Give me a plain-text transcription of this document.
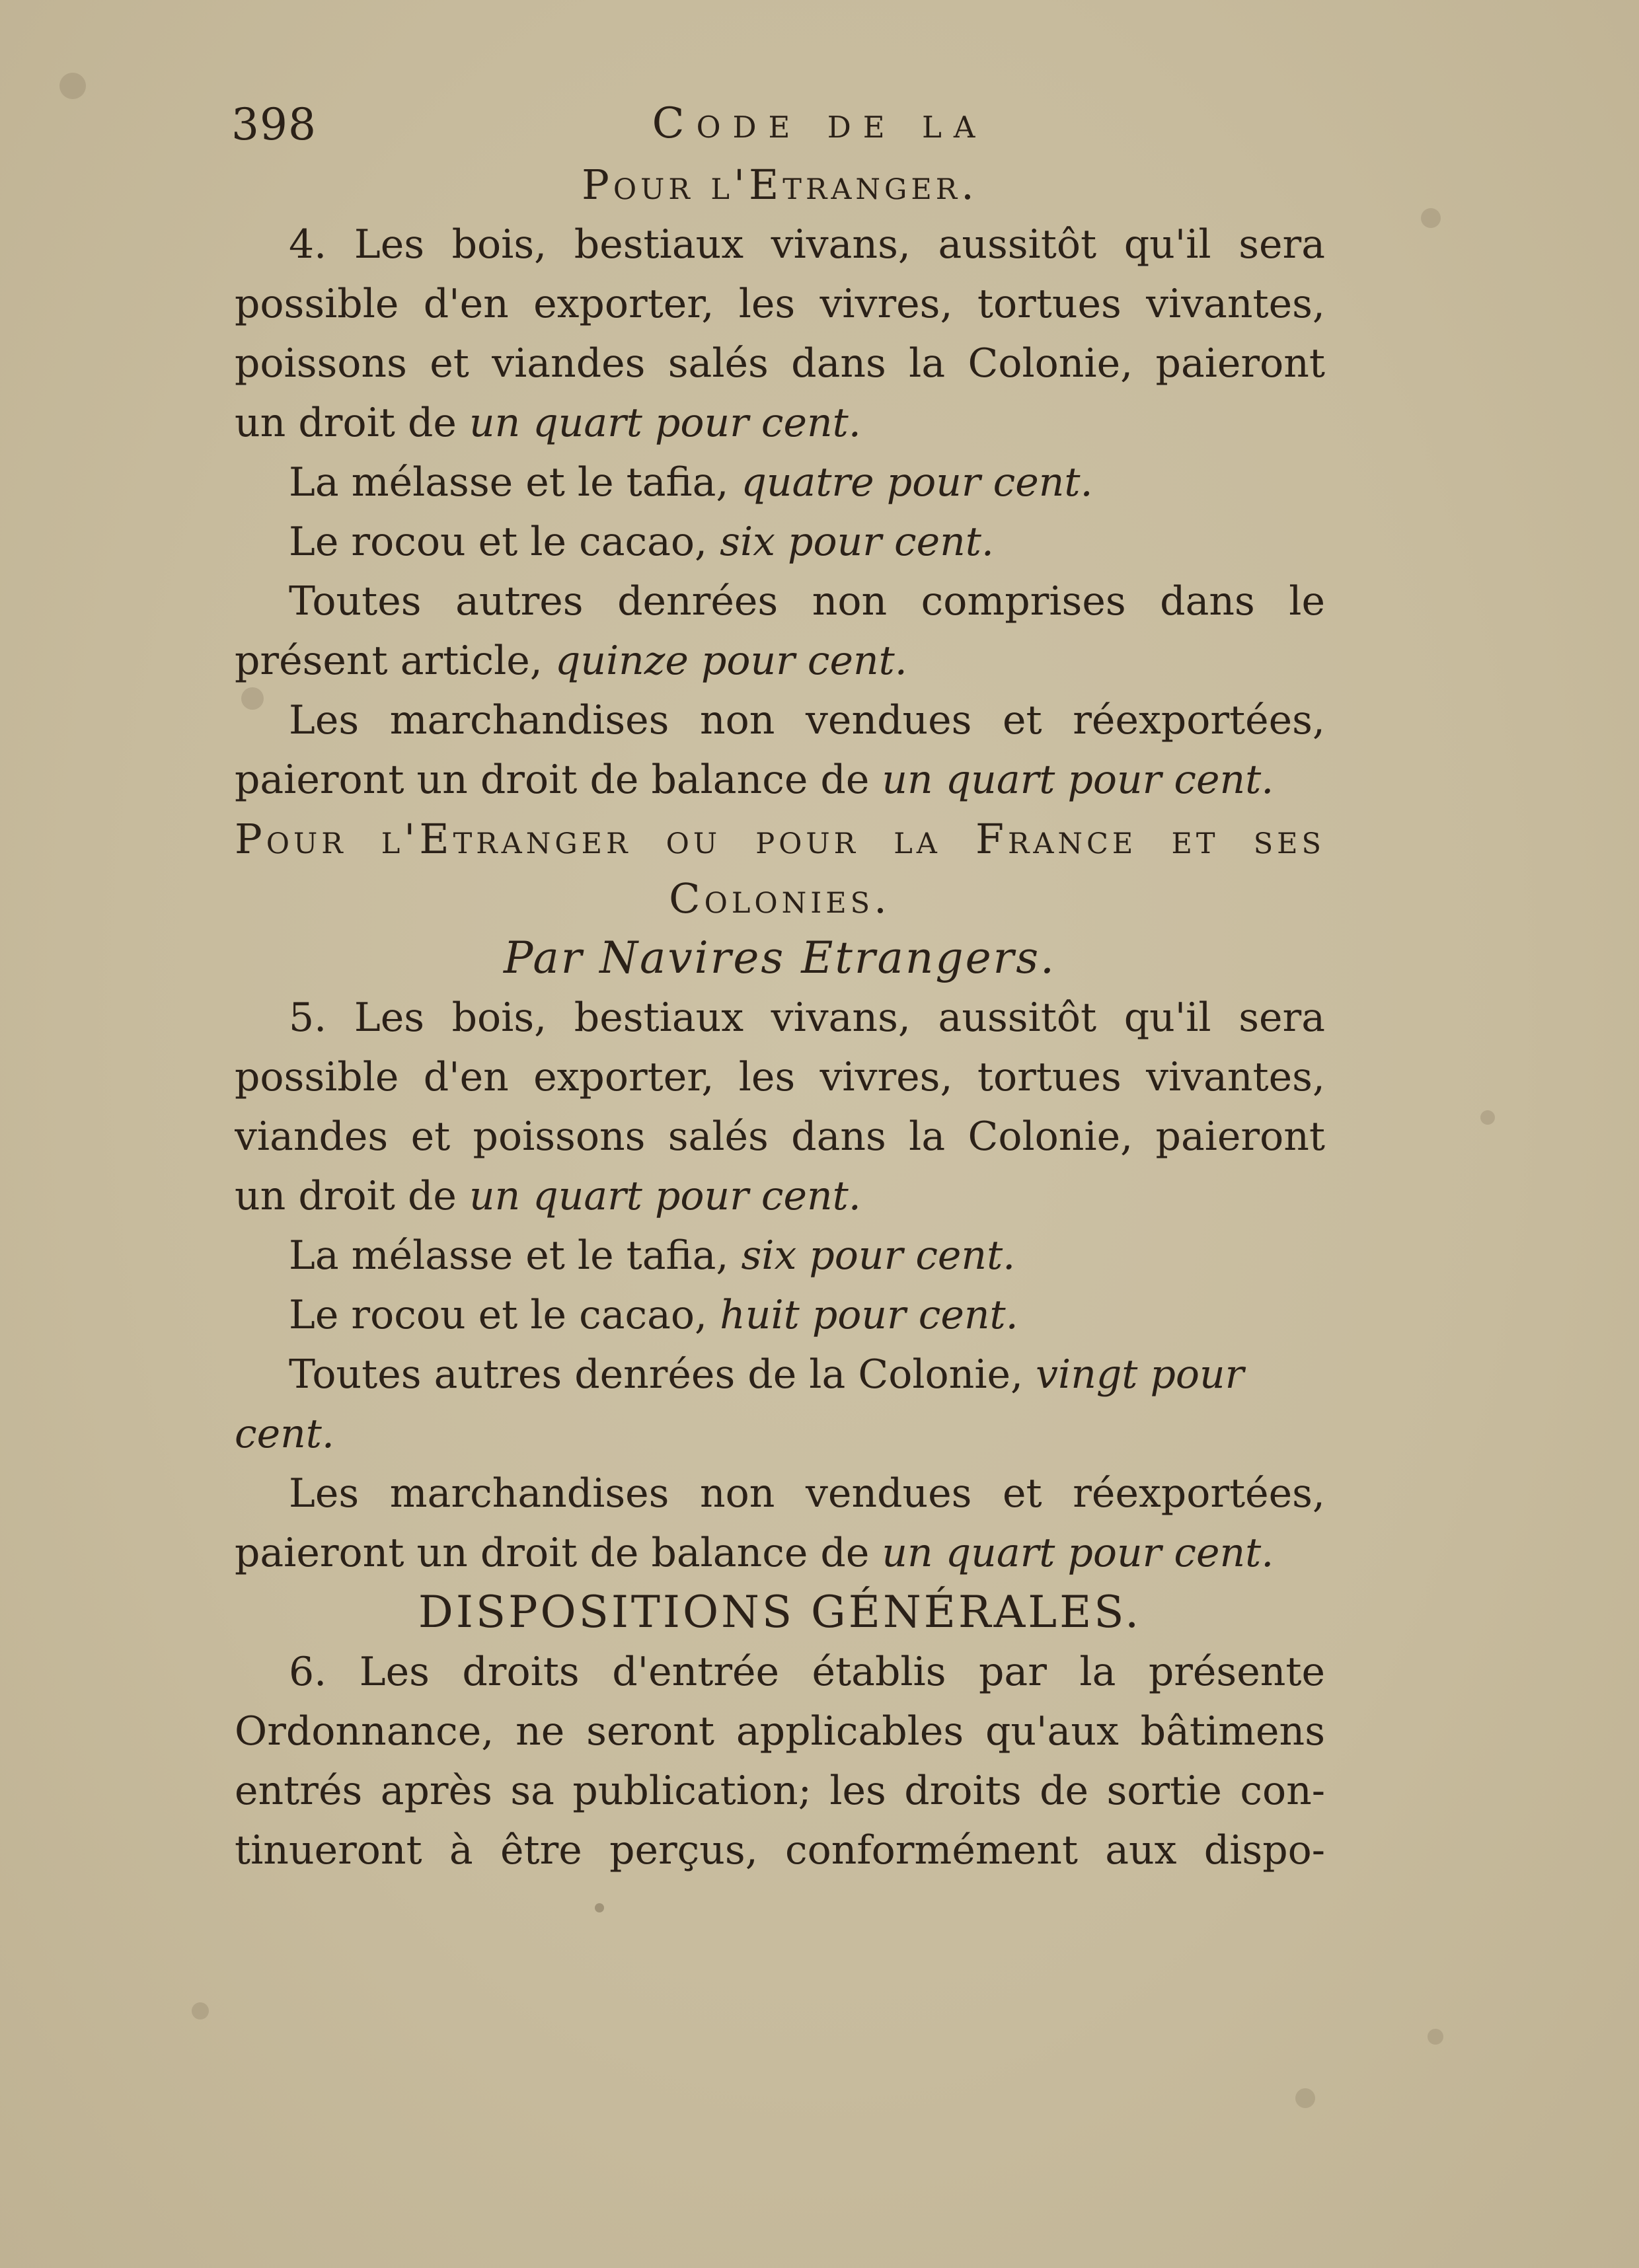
398	Code de la
Pour l'Etranger.
4. Les bois, bestiaux vivans, aussitôt qu'il sera
possible d'en exporter, les vivres, tortues vivantes,
poissons et viandes salés dans la Colonie, paieront
un droit de un quart pour cent.
La mélasse et le tafia, quatre pour cent.
Le rocou et le cacao, six pour cent.
Toutes autres denrées non comprises dans le
présent article, quinze pour cent.
Les marchandises non vendues et réexportées,
paieront un droit de balance de un quart pour cent.
Pour l'Etranger ou pour la France et ses
Colonies.
Par Navires Etrangers.
5. Les bois, bestiaux vivans, aussitôt qu'il sera
possible d'en exporter, les vivres, tortues vivantes,
viandes et poissons salés dans la Colonie, paieront
un droit de un quart pour cent.
La mélasse et le tafia, six pour cent.
Le rocou et le cacao, huit pour cent.
Toutes autres denrées de la Colonie, vingt pour
cent.
Les marchandises non vendues et réexportées,
paieront un droit de balance de un quart pour cent.
DISPOSITIONS GÉNÉRALES.
6. Les droits d'entrée établis par la présente
Ordonnance, ne seront applicables qu'aux bâtimens
entrés après sa publication; les droits de sortie con-
tinueront à être perçus, conformément aux dispo-
